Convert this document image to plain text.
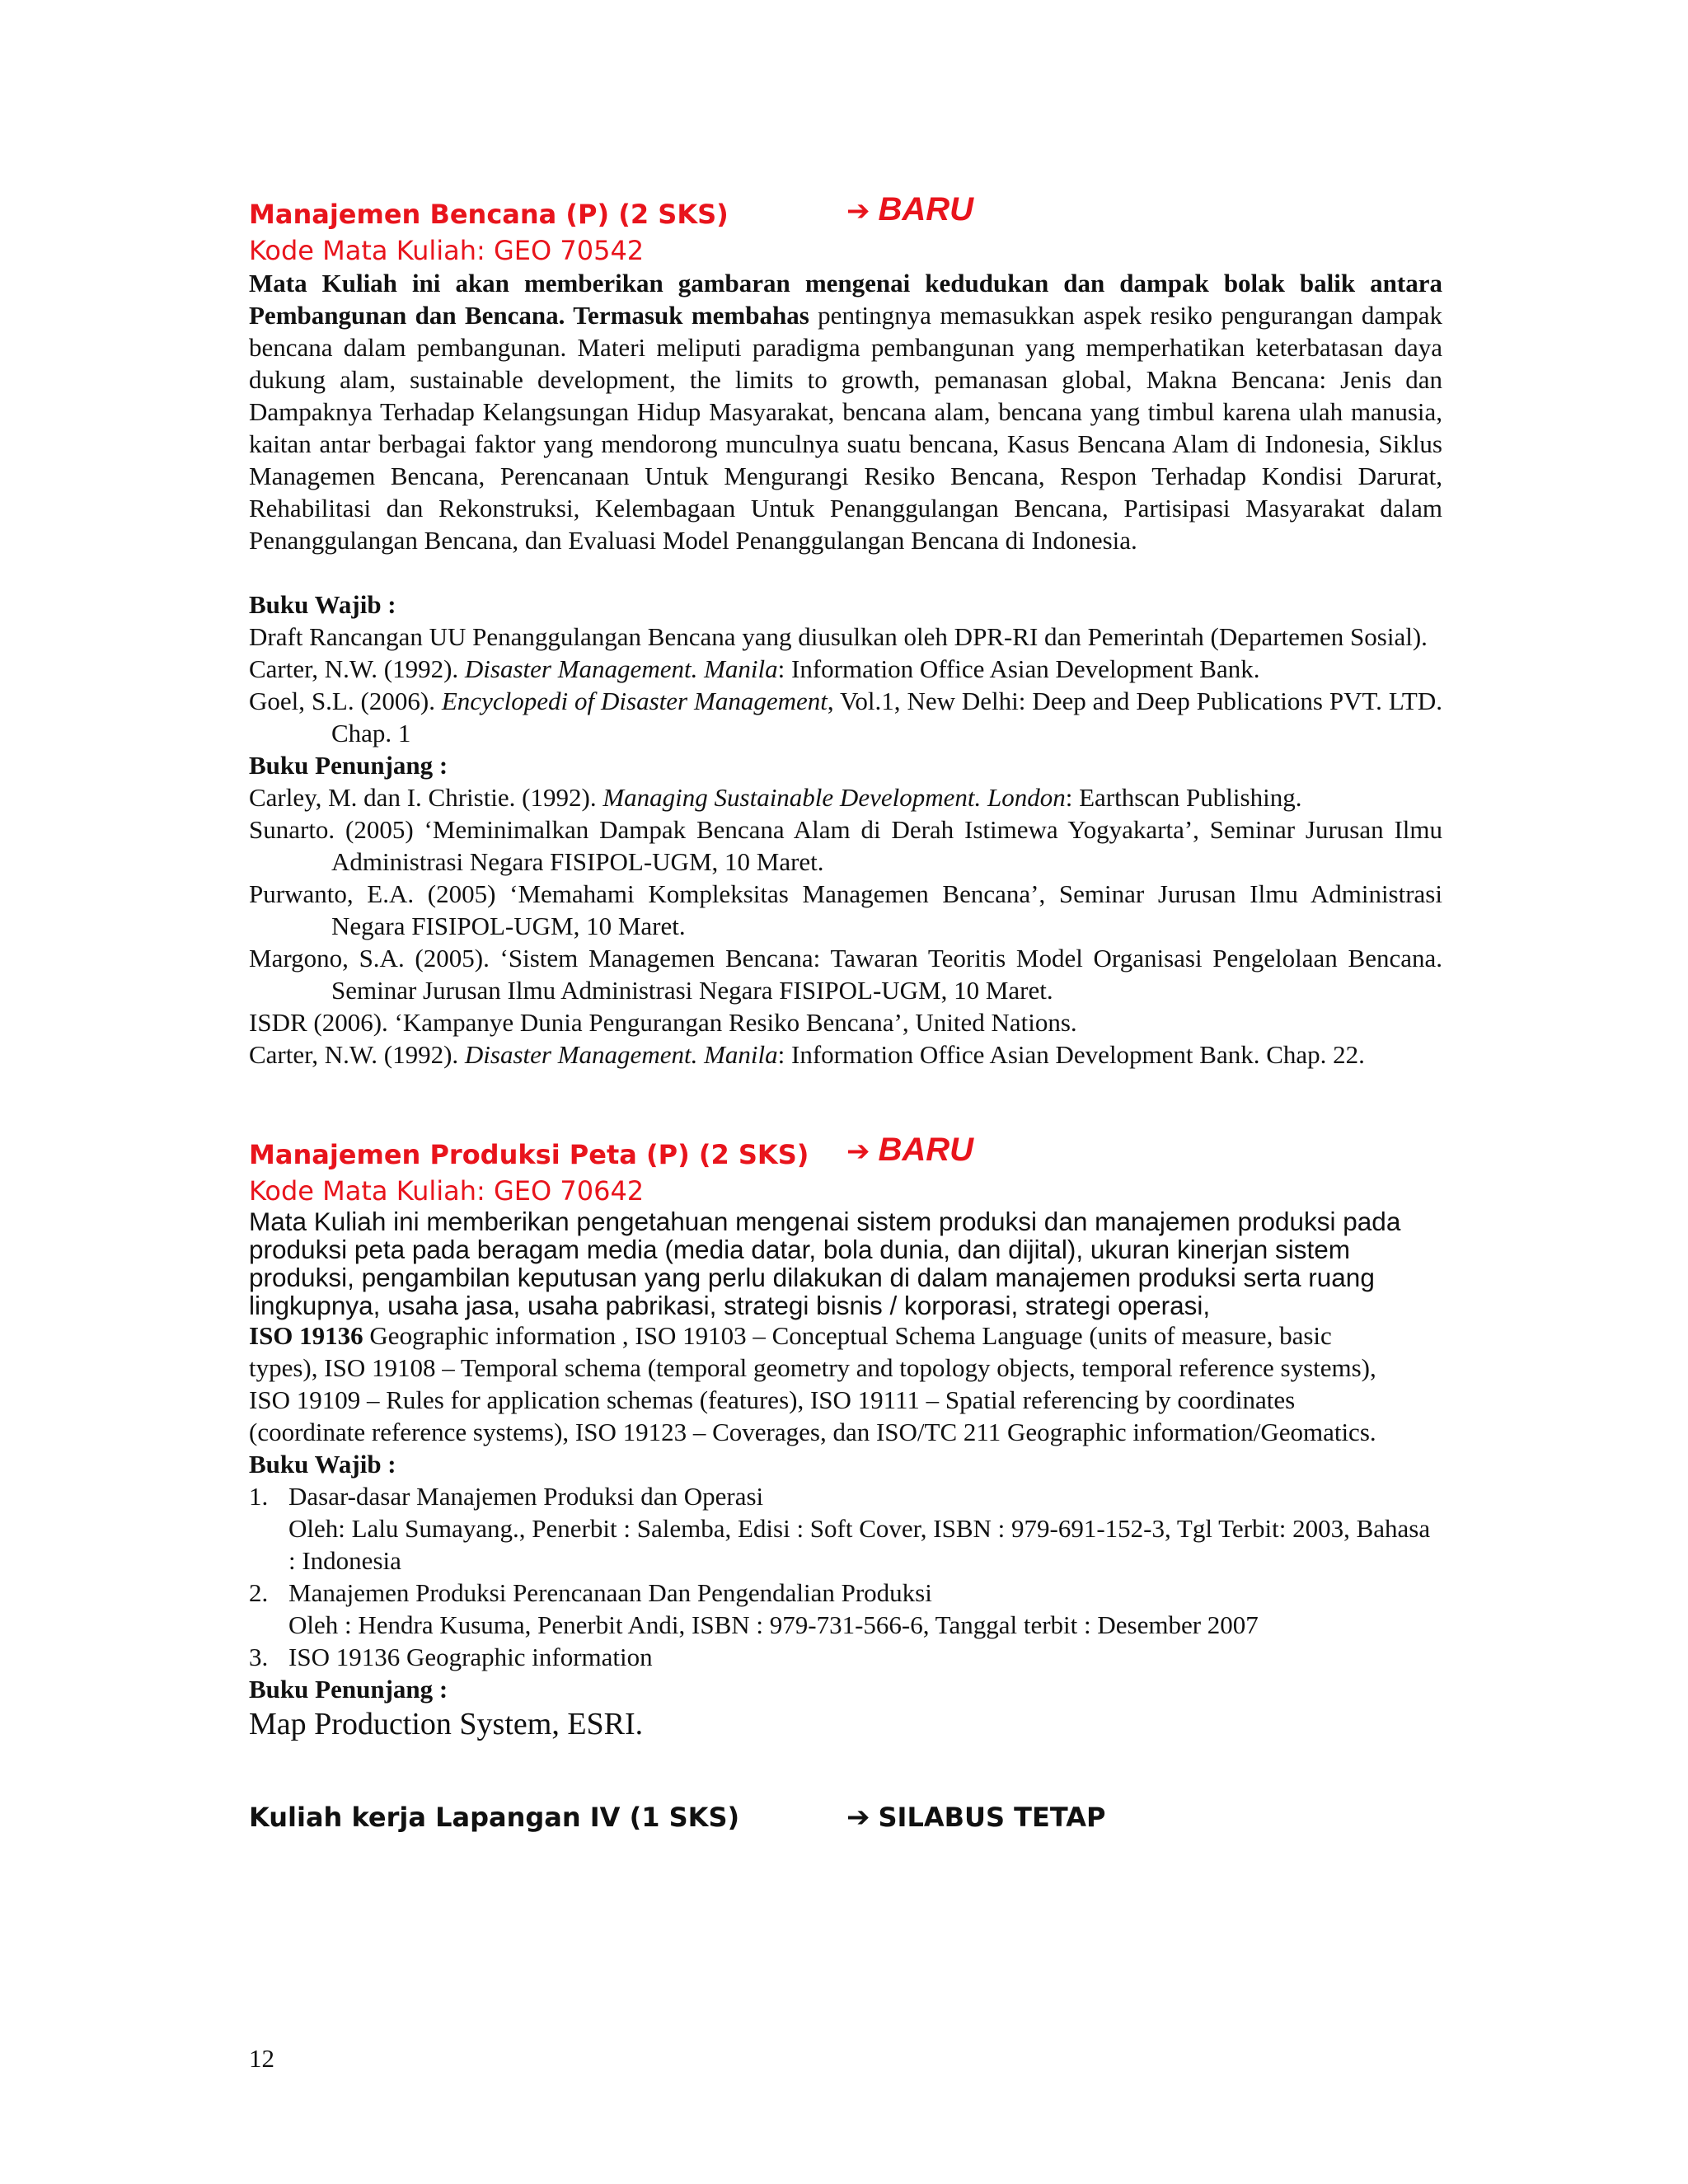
Manajemen Bencana (P) (2 SKS)	➔ BARU
Kode Mata Kuliah: GEO 70542
Mata Kuliah ini akan memberikan gambaran mengenai kedudukan dan dampak bolak balik antara Pembangunan dan Bencana. Termasuk membahas pentingnya memasukkan aspek resiko pengurangan dampak bencana dalam pembangunan. Materi meliputi paradigma pembangunan yang memperhatikan keterbatasan daya dukung alam, sustainable development, the limits to growth, pemanasan global, Makna Bencana: Jenis dan Dampaknya Terhadap Kelangsungan Hidup Masyarakat, bencana alam, bencana yang timbul karena ulah manusia, kaitan antar berbagai faktor yang mendorong munculnya suatu bencana, Kasus Bencana Alam di Indonesia, Siklus Managemen Bencana, Perencanaan Untuk Mengurangi Resiko Bencana, Respon Terhadap Kondisi Darurat, Rehabilitasi dan Rekonstruksi, Kelembagaan Untuk Penanggulangan Bencana, Partisipasi Masyarakat dalam Penanggulangan Bencana, dan Evaluasi Model Penanggulangan Bencana di Indonesia.
Buku Wajib :

Draft Rancangan UU Penanggulangan Bencana yang diusulkan oleh DPR-RI dan Pemerintah (Departemen Sosial).

Carter, N.W. (1992). Disaster Management. Manila: Information Office Asian Development Bank.

Goel, S.L. (2006). Encyclopedi of Disaster Management, Vol.1, New Delhi: Deep and Deep Publications PVT. LTD. Chap. 1

Buku Penunjang :

Carley, M. dan I. Christie. (1992). Managing Sustainable Development. London: Earthscan Publishing.

Sunarto. (2005) ‘Meminimalkan Dampak Bencana Alam di Derah Istimewa Yogyakarta’, Seminar Jurusan Ilmu Administrasi Negara FISIPOL-UGM, 10 Maret.

Purwanto, E.A. (2005) ‘Memahami Kompleksitas Managemen Bencana’, Seminar Jurusan Ilmu Administrasi Negara FISIPOL-UGM, 10 Maret.

Margono, S.A. (2005). ‘Sistem Managemen Bencana: Tawaran Teoritis Model Organisasi Pengelolaan Bencana. Seminar Jurusan Ilmu Administrasi Negara FISIPOL-UGM, 10 Maret.

ISDR (2006). ‘Kampanye Dunia Pengurangan Resiko Bencana’, United Nations.

Carter, N.W. (1992). Disaster Management. Manila: Information Office Asian Development Bank. Chap. 22.

Manajemen Produksi Peta (P) (2 SKS) ➔ BARU
Kode Mata Kuliah: GEO 70642
Mata Kuliah ini memberikan pengetahuan mengenai sistem produksi dan manajemen produksi pada produksi peta pada beragam media (media datar, bola dunia, dan dijital), ukuran kinerjan sistem produksi, pengambilan keputusan yang perlu dilakukan di dalam manajemen produksi serta ruang lingkupnya, usaha jasa, usaha pabrikasi, strategi bisnis / korporasi, strategi operasi,
ISO 19136 Geographic information , ISO 19103 – Conceptual Schema Language (units of measure, basic types), ISO 19108 – Temporal schema (temporal geometry and topology objects, temporal reference systems), ISO 19109 – Rules for application schemas (features), ISO 19111 – Spatial referencing by coordinates (coordinate reference systems), ISO 19123 – Coverages, dan ISO/TC 211 Geographic information/Geomatics.
Buku Wajib :
1. Dasar-dasar Manajemen Produksi dan Operasi
Oleh: Lalu Sumayang., Penerbit : Salemba, Edisi : Soft Cover, ISBN : 979-691-152-3, Tgl Terbit: 2003, Bahasa : Indonesia
2. Manajemen Produksi Perencanaan Dan Pengendalian Produksi
Oleh : Hendra Kusuma, Penerbit Andi, ISBN : 979-731-566-6, Tanggal terbit : Desember 2007
3. ISO 19136 Geographic information
Buku Penunjang :
Map Production System, ESRI.
Kuliah kerja Lapangan IV (1 SKS)	➔ SILABUS TETAP
12
